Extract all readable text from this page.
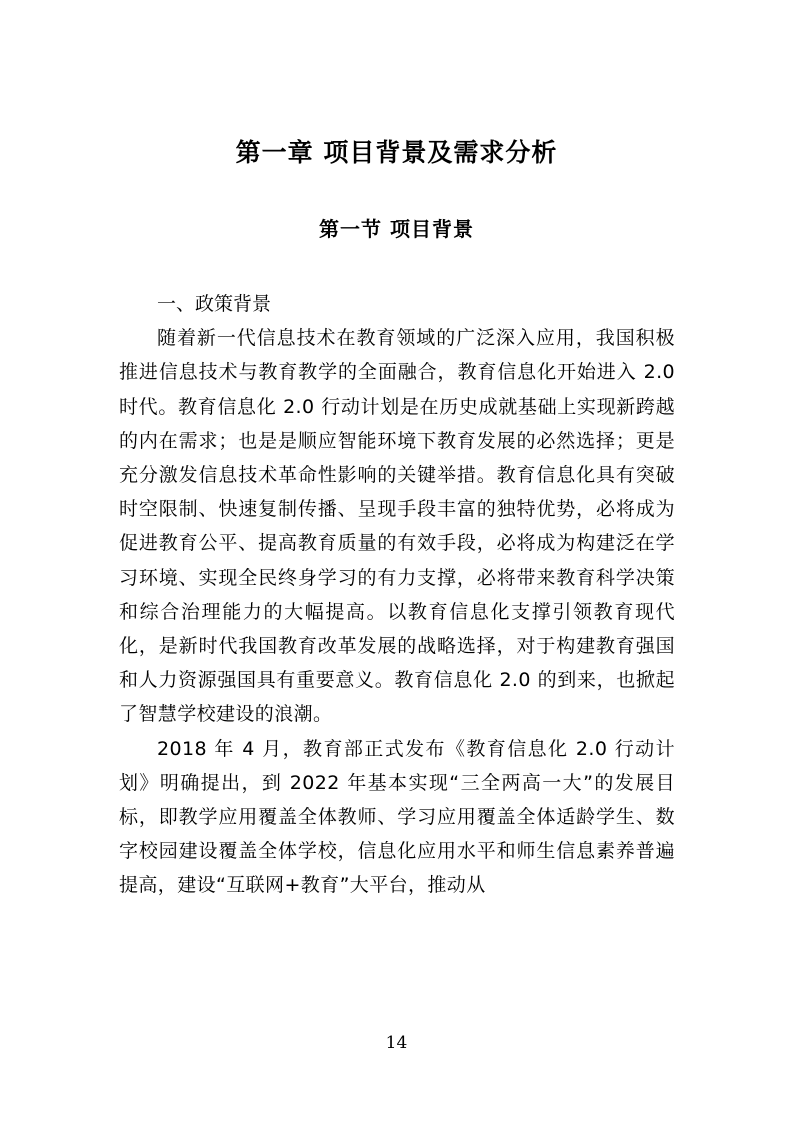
第一章 项目背景及需求分析
第一节 项目背景

一、政策背景

随着新一代信息技术在教育领域的广泛深入应用，我国积极推进信息技术与教育教学的全面融合，教育信息化开始进入 2.0 时代。教育信息化 2.0 行动计划是在历史成就基础上实现新跨越的内在需求；也是是顺应智能环境下教育发展的必然选择；更是充分激发信息技术革命性影响的关键举措。教育信息化具有突破时空限制、快速复制传播、呈现手段丰富的独特优势，必将成为促进教育公平、提高教育质量的有效手段，必将成为构建泛在学习环境、实现全民终身学习的有力支撑，必将带来教育科学决策和综合治理能力的大幅提高。以教育信息化支撑引领教育现代化，是新时代我国教育改革发展的战略选择，对于构建教育强国和人力资源强国具有重要意义。教育信息化 2.0 的到来，也掀起了智慧学校建设的浪潮。

2018 年 4 月，教育部正式发布《教育信息化 2.0 行动计划》明确提出，到 2022 年基本实现“三全两高一大”的发展目标，即教学应用覆盖全体教师、学习应用覆盖全体适龄学生、数字校园建设覆盖全体学校，信息化应用水平和师生信息素养普遍提高，建设“互联网+教育”大平台，推动从

14
